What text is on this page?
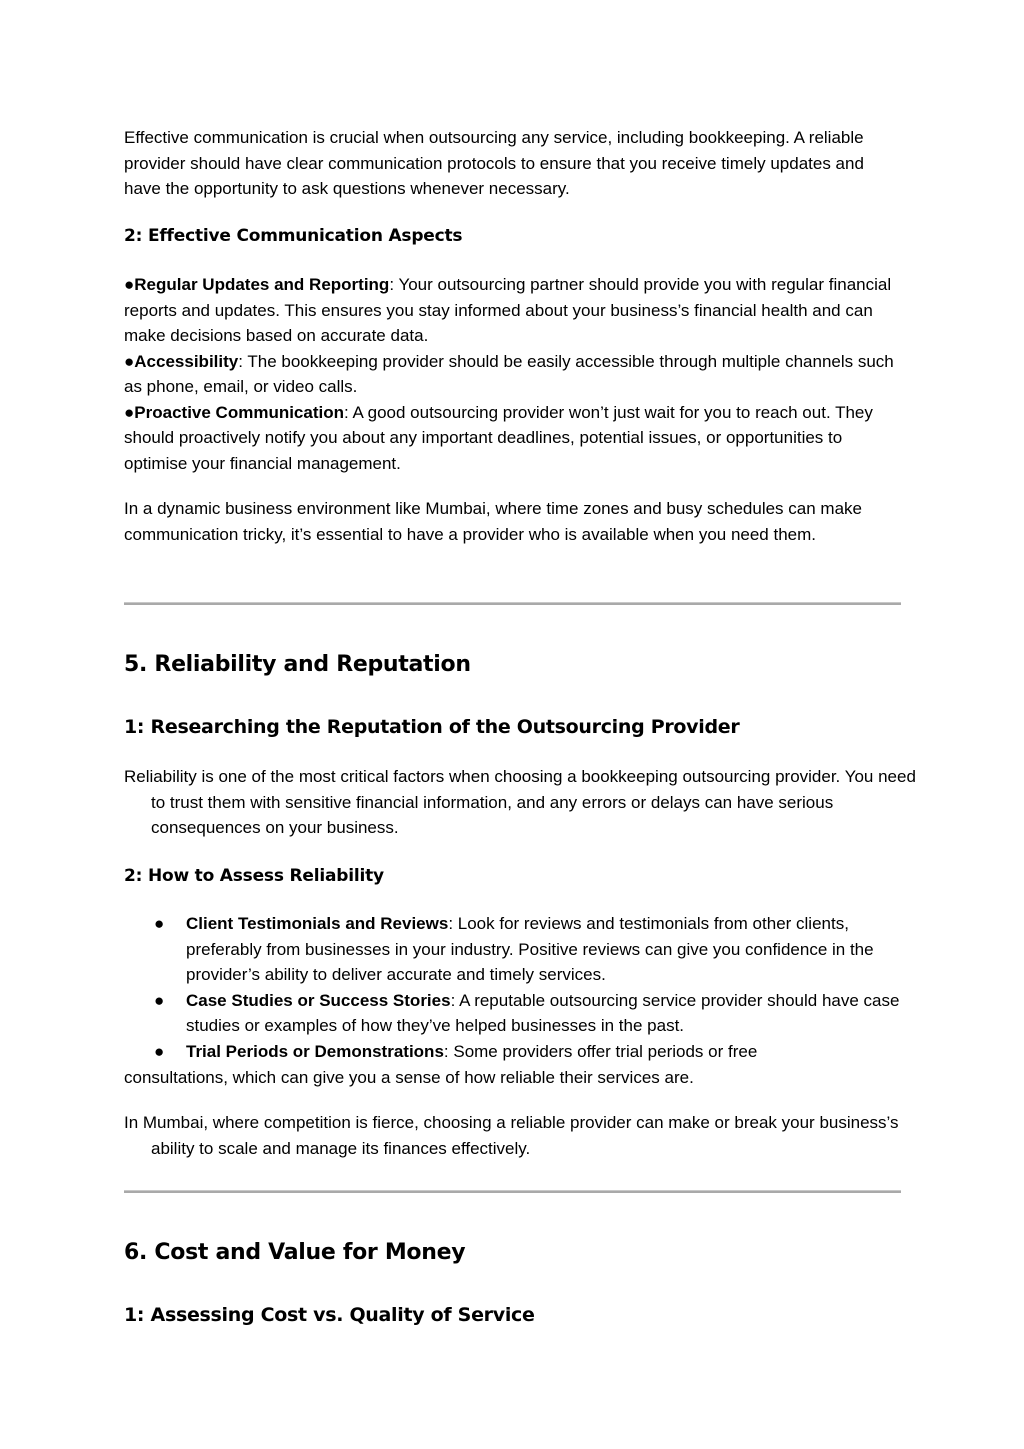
Effective communication is crucial when outsourcing any service, including bookkeeping. A reliable provider should have clear communication protocols to ensure that you receive timely updates and have the opportunity to ask questions whenever necessary.

2: Effective Communication Aspects
●Regular Updates and Reporting: Your outsourcing partner should provide you with regular financial reports and updates. This ensures you stay informed about your business’s financial health and can make decisions based on accurate data.
●Accessibility: The bookkeeping provider should be easily accessible through multiple channels such as phone, email, or video calls.
●Proactive Communication: A good outsourcing provider won’t just wait for you to reach out. They should proactively notify you about any important deadlines, potential issues, or opportunities to optimise your financial management.

In a dynamic business environment like Mumbai, where time zones and busy schedules can make communication tricky, it’s essential to have a provider who is available when you need them.

5. Reliability and Reputation
1: Researching the Reputation of the Outsourcing Provider

Reliability is one of the most critical factors when choosing a bookkeeping outsourcing provider. You need to trust them with sensitive financial information, and any errors or delays can have serious consequences on your business.

2: How to Assess Reliability
● Client Testimonials and Reviews: Look for reviews and testimonials from other clients, preferably from businesses in your industry. Positive reviews can give you confidence in the provider’s ability to deliver accurate and timely services.
● Case Studies or Success Stories: A reputable outsourcing service provider should have case studies or examples of how they’ve helped businesses in the past.
● Trial Periods or Demonstrations: Some providers offer trial periods or free

consultations, which can give you a sense of how reliable their services are.

In Mumbai, where competition is fierce, choosing a reliable provider can make or break your business’s ability to scale and manage its finances effectively.

6. Cost and Value for Money
1: Assessing Cost vs. Quality of Service
